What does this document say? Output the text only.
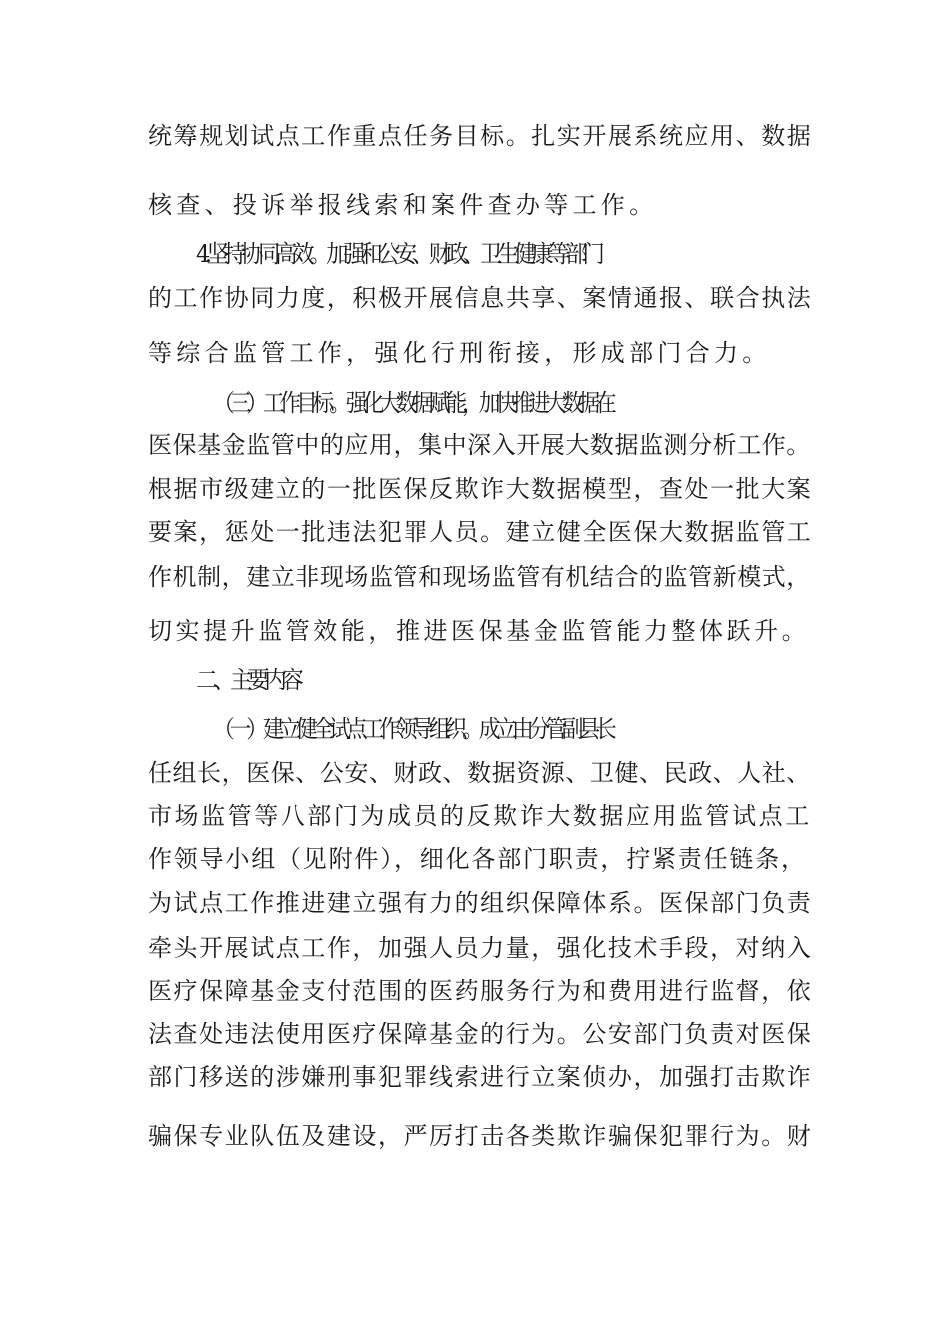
统筹规划试点工作重点任务目标。扎实开展系统应用、数据
核查、投诉举报线索和案件查办等工作。
4.坚持协同高效。加强和公安、财政、卫生健康等部门
的工作协同力度，积极开展信息共享、案情通报、联合执法
等综合监管工作，强化行刑衔接，形成部门合力。
（三）工作目标。强化大数据赋能，加快推进大数据在
医保基金监管中的应用，集中深入开展大数据监测分析工作。
根据市级建立的一批医保反欺诈大数据模型，查处一批大案
要案，惩处一批违法犯罪人员。建立健全医保大数据监管工
作机制，建立非现场监管和现场监管有机结合的监管新模式，
切实提升监管效能，推进医保基金监管能力整体跃升。
二、主要内容
（一）建立健全试点工作领导组织。成立由分管副县长
任组长，医保、公安、财政、数据资源、卫健、民政、人社、
市场监管等八部门为成员的反欺诈大数据应用监管试点工
作领导小组（见附件），细化各部门职责，拧紧责任链条，
为试点工作推进建立强有力的组织保障体系。医保部门负责
牵头开展试点工作，加强人员力量，强化技术手段，对纳入
医疗保障基金支付范围的医药服务行为和费用进行监督，依
法查处违法使用医疗保障基金的行为。公安部门负责对医保
部门移送的涉嫌刑事犯罪线索进行立案侦办，加强打击欺诈
骗保专业队伍及建设，严厉打击各类欺诈骗保犯罪行为。财
